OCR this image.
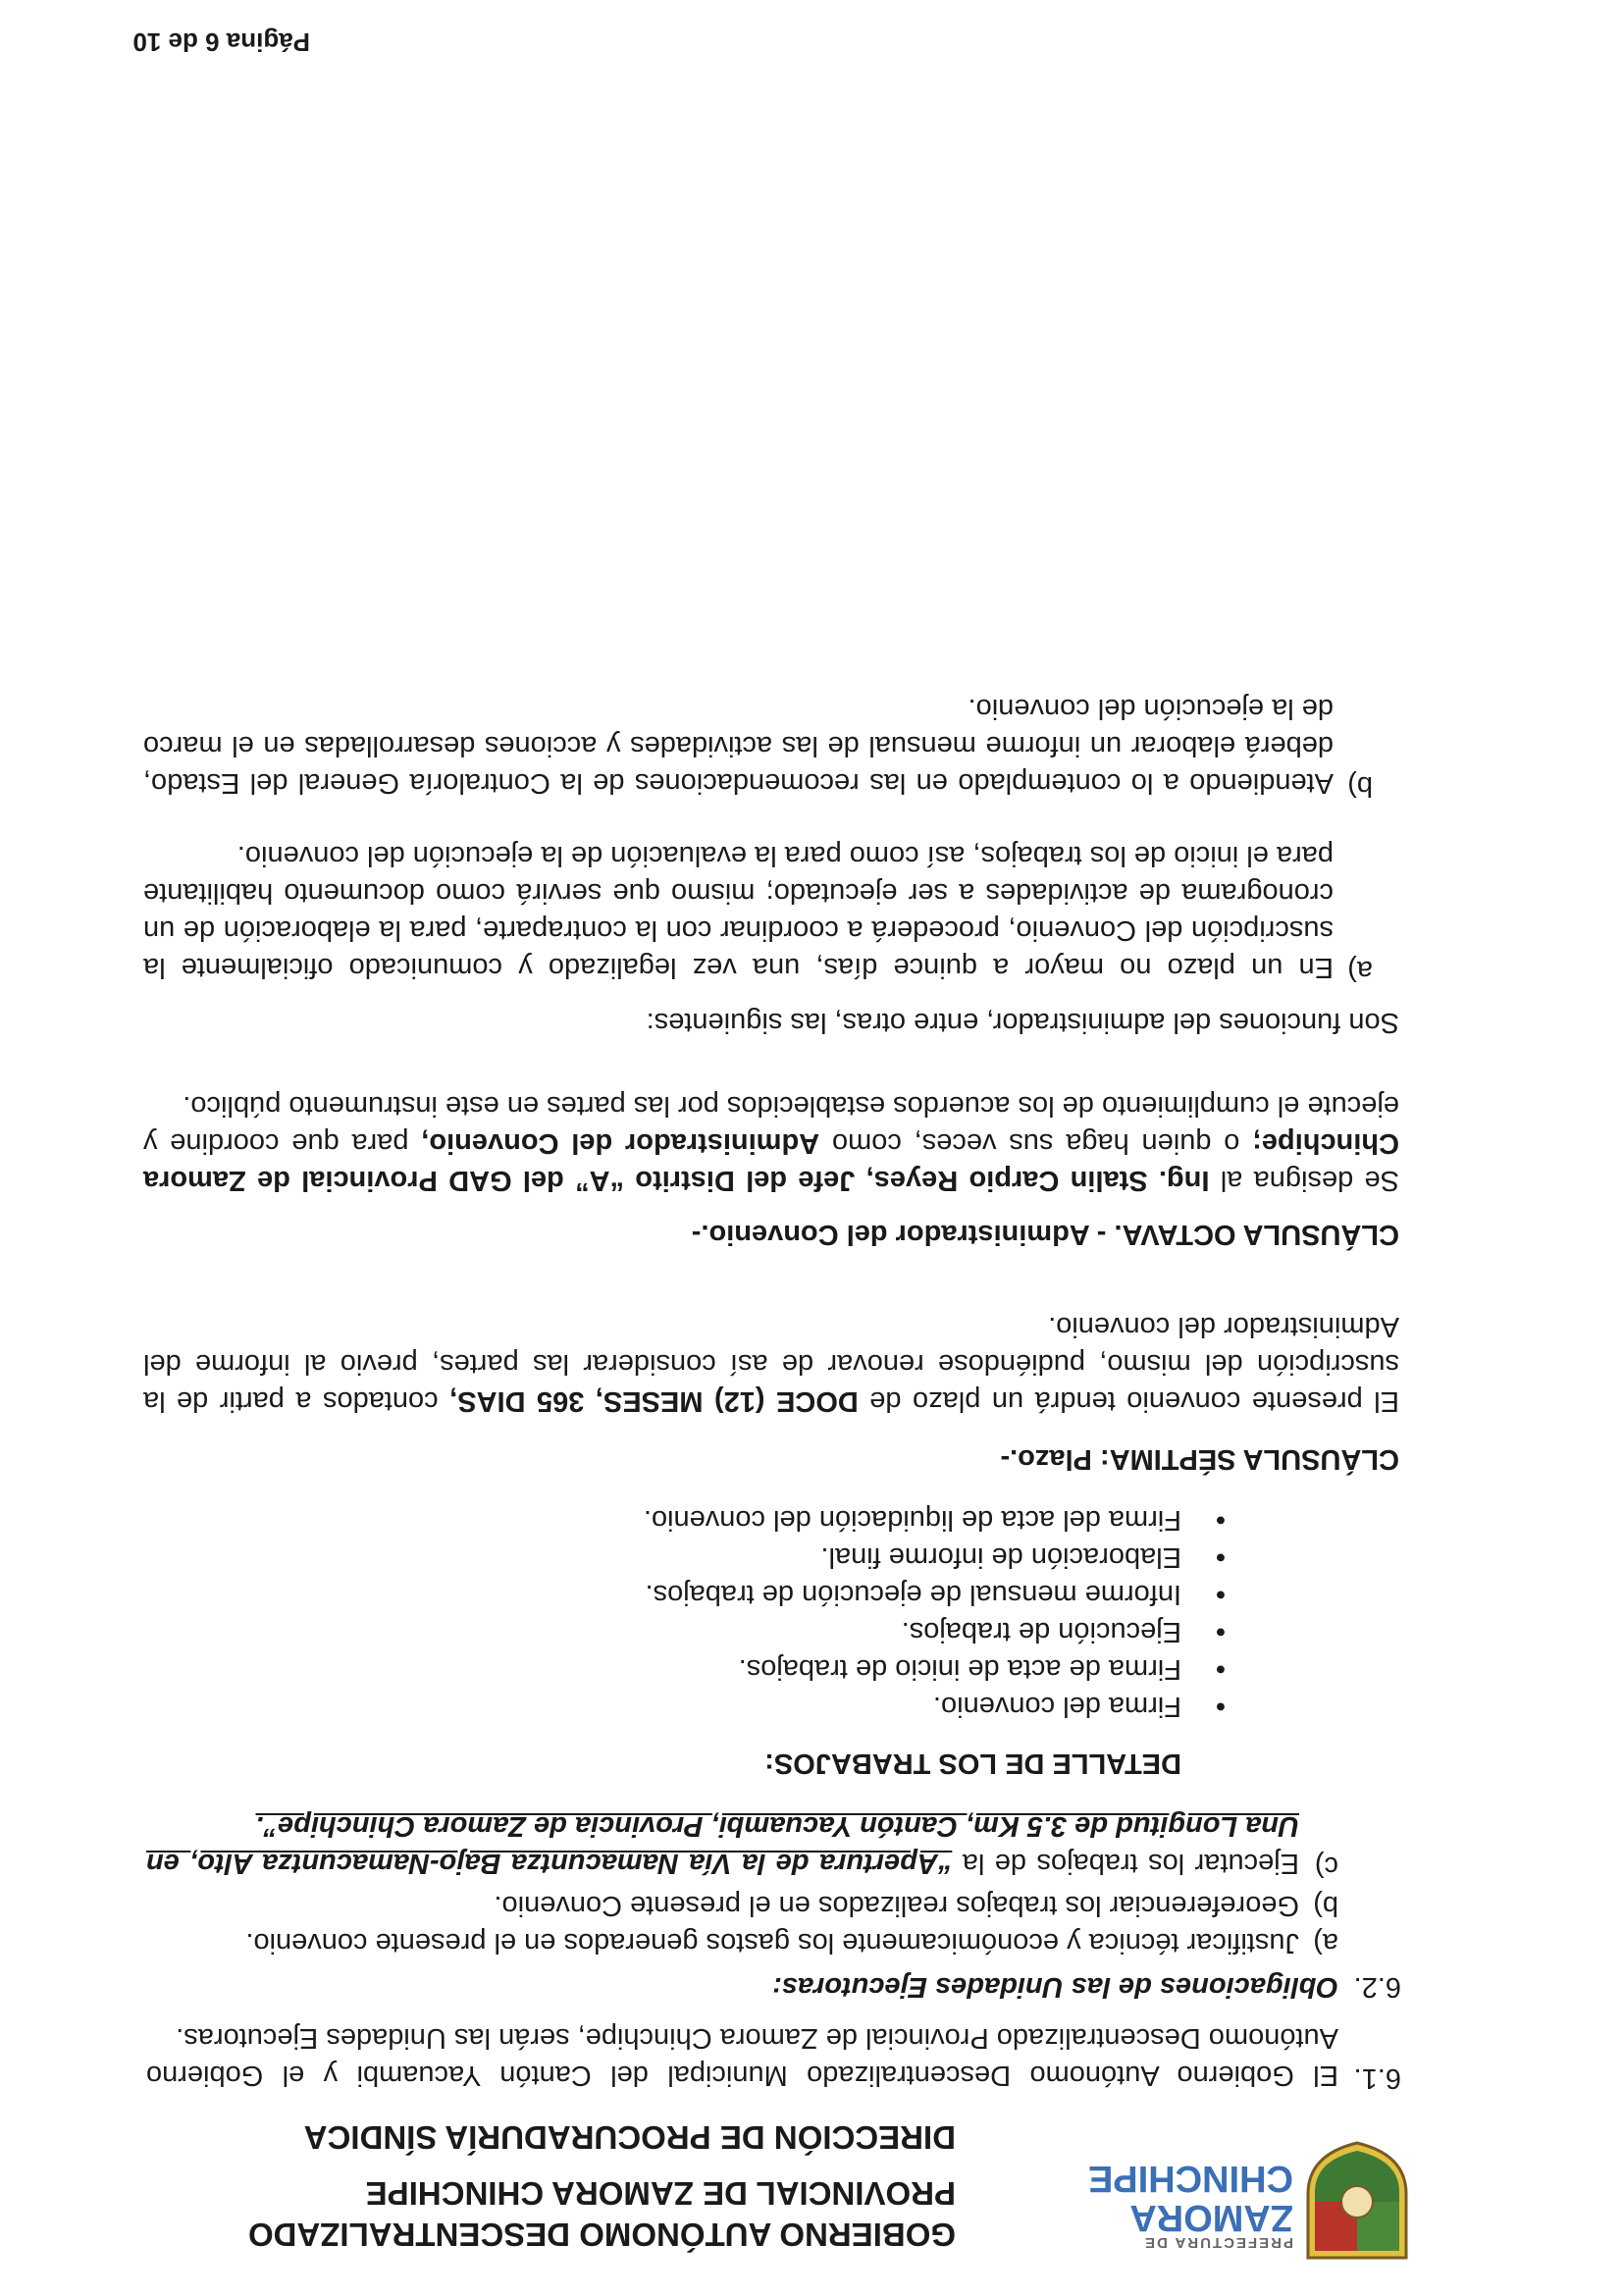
PREFECTURA DE
ZAMORA
CHINCHIPE
GOBIERNO AUTÓNOMO DESCENTRALIZADO
PROVINCIAL DE ZAMORA CHINCHIPE
DIRECCIÓN DE PROCURADURÍA SÍNDICA
6.1.
El Gobierno Autónomo Descentralizado Municipal del Cantón Yacuambi y el Gobierno Autónomo Descentralizado Provincial de Zamora Chinchipe, serán las Unidades Ejecutoras.
6.2.
Obligaciones de las Unidades Ejecutoras:
a)
Justificar técnica y económicamente los gastos generados en el presente convenio.
b)
Georeferenciar los trabajos realizados en el presente Convenio.
c)
Ejecutar los trabajos de la “Apertura de la Vía Namacuntza Bajo-Namacuntza Alto, en Una Longitud de 3.5 Km, Cantón Yacuambi, Provincia de Zamora Chinchipe”.
DETALLE DE LOS TRABAJOS:
•
Firma del convenio.
•
Firma de acta de inicio de trabajos.
•
Ejecución de trabajos.
•
Informe mensual de ejecución de trabajos.
•
Elaboración de informe final.
•
Firma del acta de liquidación del convenio.
CLÁUSULA SÉPTIMA: Plazo.-
El presente convenio tendrá un plazo de DOCE (12) MESES, 365 DIAS, contados a partir de la suscripción del mismo, pudiéndose renovar de así considerar las partes, previo al informe del Administrador del convenio.
CLÁUSULA OCTAVA. - Administrador del Convenio.-
Se designa al Ing. Stalin Carpio Reyes, Jefe del Distrito “A” del GAD Provincial de Zamora Chinchipe; o quien haga sus veces, como Administrador del Convenio, para que coordine y ejecute el cumplimiento de los acuerdos establecidos por las partes en este instrumento público.
Son funciones del administrador, entre otras, las siguientes:
a)
En un plazo no mayor a quince días, una vez legalizado y comunicado oficialmente la suscripción del Convenio, procederá a coordinar con la contraparte, para la elaboración de un cronograma de actividades a ser ejecutado; mismo que servirá como documento habilitante para el inicio de los trabajos, así como para la evaluación de la ejecución del convenio.
b)
Atendiendo a lo contemplado en las recomendaciones de la Contraloría General del Estado, deberá elaborar un informe mensual de las actividades y acciones desarrolladas en el marco de la ejecución del convenio.
Página 6 de 10
